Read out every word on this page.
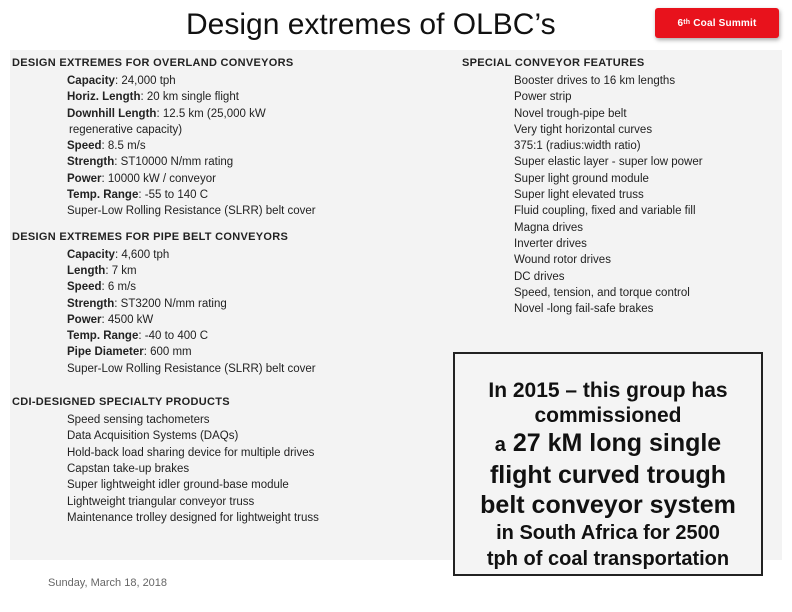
Design extremes of OLBC’s	6 th Coal Summit
DESIGN EXTREMES FOR OVERLAND CONVEYORS
Capacity: 24,000 tph
Horiz. Length: 20 km single flight
Downhill Length: 12.5 km (25,000 kW
regenerative capacity)
Speed: 8.5 m/s
Strength: ST10000 N/mm rating
Power: 10000 kW / conveyor
Temp. Range: -55 to 140 C
Super-Low Rolling Resistance (SLRR) belt cover
DESIGN EXTREMES FOR PIPE BELT CONVEYORS
Capacity: 4,600 tph
Length: 7 km
Speed: 6 m/s
Strength: ST3200 N/mm rating
Power: 4500 kW
Temp. Range: -40 to 400 C
Pipe Diameter: 600 mm
Super-Low Rolling Resistance (SLRR) belt cover
CDI-DESIGNED SPECIALTY PRODUCTS
Speed sensing tachometers
Data Acquisition Systems (DAQs)
Hold-back load sharing device for multiple drives
Capstan take-up brakes
Super lightweight idler ground-base module
Lightweight triangular conveyor truss
Maintenance trolley designed for lightweight truss
SPECIAL CONVEYOR FEATURES
Booster drives to 16 km lengths
Power strip
Novel trough-pipe belt
Very tight horizontal curves
375:1 (radius:width ratio)
Super elastic layer - super low power
Super light ground module
Super light elevated truss
Fluid coupling, fixed and variable fill
Magna drives
Inverter drives
Wound rotor drives
DC drives
Speed, tension, and torque control
Novel -long fail-safe brakes
In 2015 – this group has
commissioned
a 27 kM long single
flight curved trough
belt conveyor system
in South Africa for 2500
tph of coal transportation
Sunday, March 18, 2018
